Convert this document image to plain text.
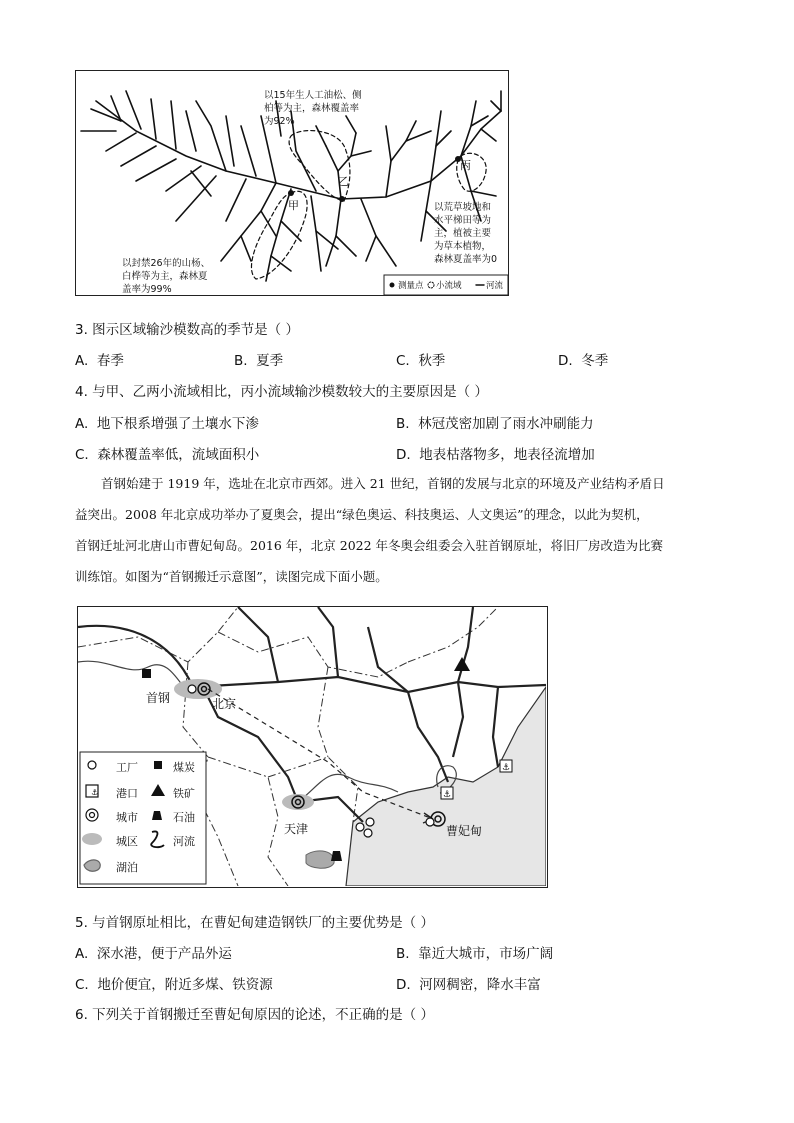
以15年生人工油松、侧
柏等为主，森林覆盖率
为92%
以封禁26年的山杨、
白桦等为主，森林夏
盖率为99%
以荒草坡地和
水平梯田等为
主，植被主要
为草本植物，
森林夏盖率为0
甲
乙
丙
测量点 小流域	河流
3. 图示区域输沙模数高的季节是（ ）
A. 春季	B. 夏季	C. 秋季	D. 冬季
4. 与甲、乙两小流域相比，丙小流域输沙模数较大的主要原因是（ ）
A. 地下根系增强了土壤水下渗	B. 林冠茂密加剧了雨水冲刷能力
C. 森林覆盖率低，流域面积小	D. 地表枯落物多，地表径流增加
首钢始建于 1919 年，选址在北京市西郊。进入 21 世纪，首钢的发展与北京的环境及产业结构矛盾日
益突出。2008 年北京成功举办了夏奥会，提出“绿色奥运、科技奥运、人文奥运”的理念，以此为契机，
首钢迁址河北唐山市曹妃甸岛。2016 年，北京 2022 年冬奥会组委会入驻首钢原址，将旧厂房改造为比赛
训练馆。如图为“首钢搬迁示意图”，读图完成下面小题。
⚓
⚓
⚓
首钢	北京
天津	曹妃甸
工厂	煤炭
港口	铁矿
城市	石油
城区	河流
湖泊
5. 与首钢原址相比，在曹妃甸建造钢铁厂的主要优势是（ ）
A. 深水港，便于产品外运	B. 靠近大城市，市场广阔
C. 地价便宜，附近多煤、铁资源	D. 河网稠密，降水丰富
6. 下列关于首钢搬迁至曹妃甸原因的论述，不正确的是（ ）
